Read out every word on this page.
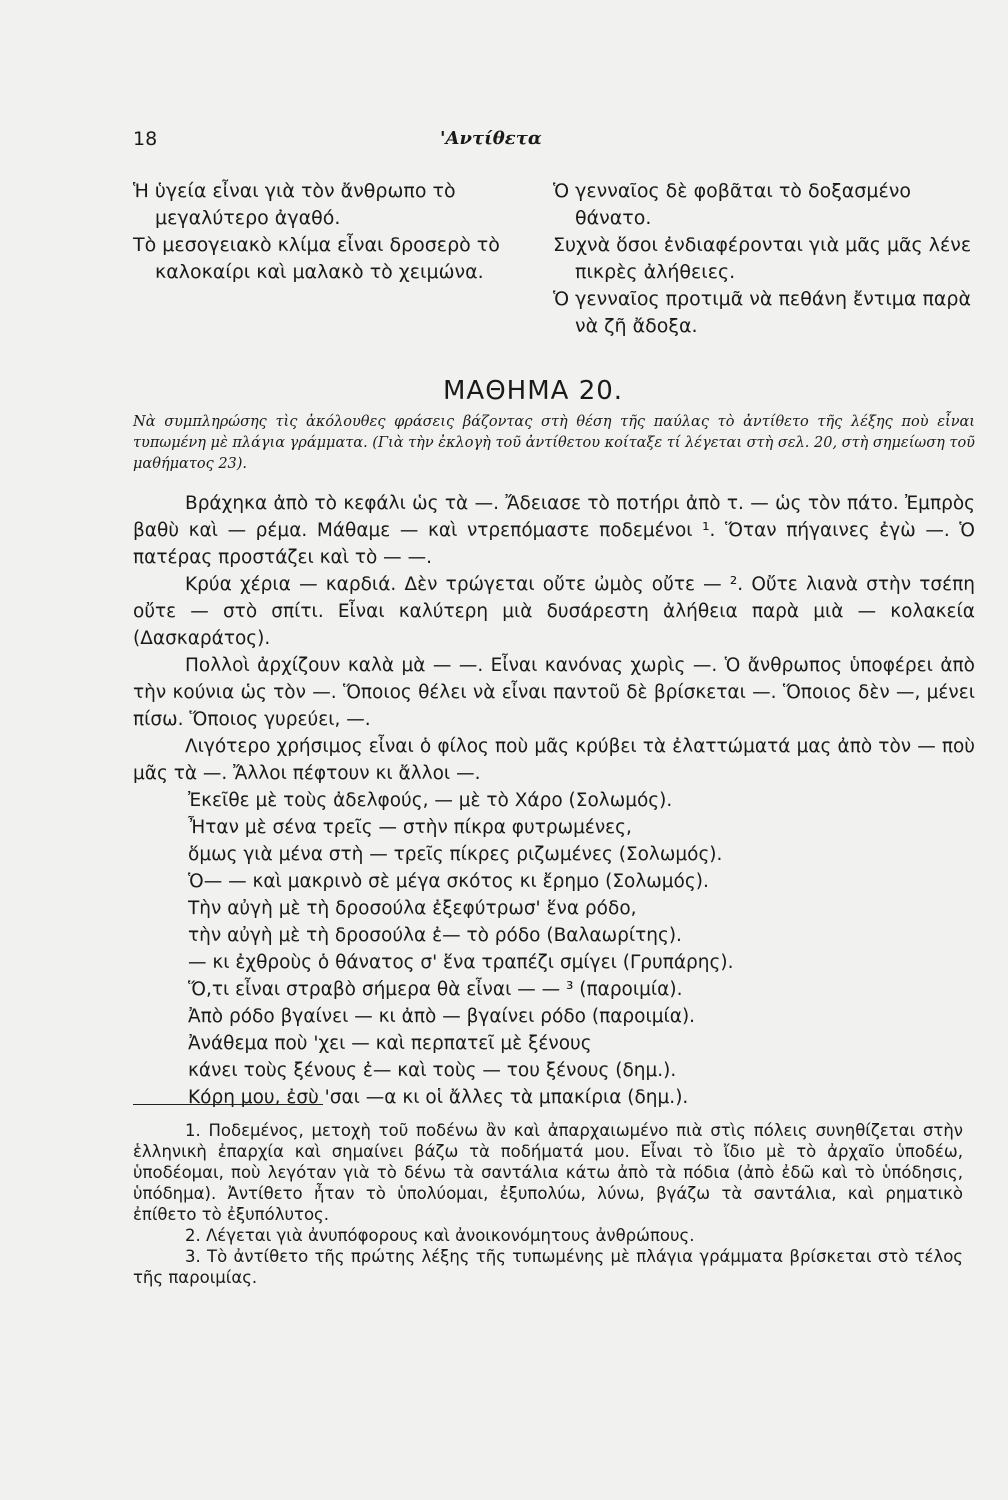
18	'Αντίθετα

Ἡ ὑγεία εἶναι γιὰ τὸν ἄνθρωπο τὸ μεγαλύτερο ἀγαθό.

Τὸ μεσογειακὸ κλίμα εἶναι δροσερὸ τὸ καλοκαίρι καὶ μαλακὸ τὸ χειμώνα.

Ὁ γενναῖος δὲ φοβᾶται τὸ δοξασμένο θάνατο.

Συχνὰ ὅσοι ἐνδιαφέρονται γιὰ μᾶς μᾶς λένε πικρὲς ἀλήθειες.

Ὁ γενναῖος προτιμᾶ νὰ πεθάνη ἔντιμα παρὰ νὰ ζῆ ἄδοξα.

ΜΑΘΗΜΑ 20.
Νὰ συμπληρώσης τὶς ἀκόλουθες φράσεις βάζοντας στὴ θέση τῆς παύλας τὸ ἀντίθετο τῆς λέξης ποὺ εἶναι τυπωμένη μὲ πλάγια γράμματα. (Γιὰ τὴν ἐκλογὴ τοῦ ἀντίθετου κοίταξε τί λέγεται στὴ σελ. 20, στὴ σημείωση τοῦ μαθήματος 23).

Βράχηκα ἀπὸ τὸ κεφάλι ὡς τὰ —. Ἄδειασε τὸ ποτήρι ἀπὸ τ. — ὡς τὸν πάτο. Ἐμπρὸς βαθὺ καὶ — ρέμα. Μάθαμε — καὶ ντρεπόμαστε ποδεμένοι ¹. Ὅταν πήγαινες ἐγὼ —. Ὁ πατέρας προστάζει καὶ τὸ — —.

Κρύα χέρια — καρδιά. Δὲν τρώγεται οὔτε ὠμὸς οὔτε — ². Οὔτε λιανὰ στὴν τσέπη οὔτε — στὸ σπίτι. Εἶναι καλύτερη μιὰ δυσάρεστη ἀλήθεια παρὰ μιὰ — κολακεία (Δασκαράτος).

Πολλοὶ ἀρχίζουν καλὰ μὰ — —. Εἶναι κανόνας χωρὶς —. Ὁ ἄνθρωπος ὑποφέρει ἀπὸ τὴν κούνια ὡς τὸν —. Ὅποιος θέλει νὰ εἶναι παντοῦ δὲ βρίσκεται —. Ὅποιος δὲν —, μένει πίσω. Ὅποιος γυρεύει, —.

Λιγότερο χρήσιμος εἶναι ὁ φίλος ποὺ μᾶς κρύβει τὰ ἐλαττώματά μας ἀπὸ τὸν — ποὺ μᾶς τὰ —. Ἄλλοι πέφτουν κι ἄλλοι —.

Ἐκεῖθε μὲ τοὺς ἀδελφούς, — μὲ τὸ Χάρο (Σολωμός).

Ἦταν μὲ σένα τρεῖς — στὴν πίκρα φυτρωμένες,

ὅμως γιὰ μένα στὴ — τρεῖς πίκρες ριζωμένες (Σολωμός).

Ὁ— — καὶ μακρινὸ σὲ μέγα σκότος κι ἔρημο (Σολωμός).

Τὴν αὐγὴ μὲ τὴ δροσούλα ἐξεφύτρωσ' ἕνα ρόδο,

τὴν αὐγὴ μὲ τὴ δροσούλα ἐ— τὸ ρόδο (Βαλαωρίτης).

— κι ἐχθροὺς ὁ θάνατος σ' ἕνα τραπέζι σμίγει (Γρυπάρης).

Ὅ,τι εἶναι στραβὸ σήμερα θὰ εἶναι — — ³ (παροιμία).

Ἀπὸ ρόδο βγαίνει — κι ἀπὸ — βγαίνει ρόδο (παροιμία).

Ἀνάθεμα ποὺ 'χει — καὶ περπατεῖ μὲ ξένους

κάνει τοὺς ξένους ἐ— καὶ τοὺς — του ξένους (δημ.).

Κόρη μου, ἐσὺ 'σαι —α κι οἱ ἄλλες τὰ μπακίρια (δημ.).

1. Ποδεμένος, μετοχὴ τοῦ ποδένω ἂν καὶ ἀπαρχαιωμένο πιὰ στὶς πόλεις συνηθίζεται στὴν ἑλληνικὴ ἐπαρχία καὶ σημαίνει βάζω τὰ ποδήματά μου. Εἶναι τὸ ἴδιο μὲ τὸ ἀρχαῖο ὑποδέω, ὑποδέομαι, ποὺ λεγόταν γιὰ τὸ δένω τὰ σαντάλια κάτω ἀπὸ τὰ πόδια (ἀπὸ ἐδῶ καὶ τὸ ὑπόδησις, ὑπόδημα). Ἀντίθετο ἦταν τὸ ὑπολύομαι, ἐξυπολύω, λύνω, βγάζω τὰ σαντάλια, καὶ ρηματικὸ ἐπίθετο τὸ ἐξυπόλυτος.

2. Λέγεται γιὰ ἀνυπόφορους καὶ ἀνοικονόμητους ἀνθρώπους.

3. Τὸ ἀντίθετο τῆς πρώτης λέξης τῆς τυπωμένης μὲ πλάγια γράμματα βρίσκεται στὸ τέλος τῆς παροιμίας.
